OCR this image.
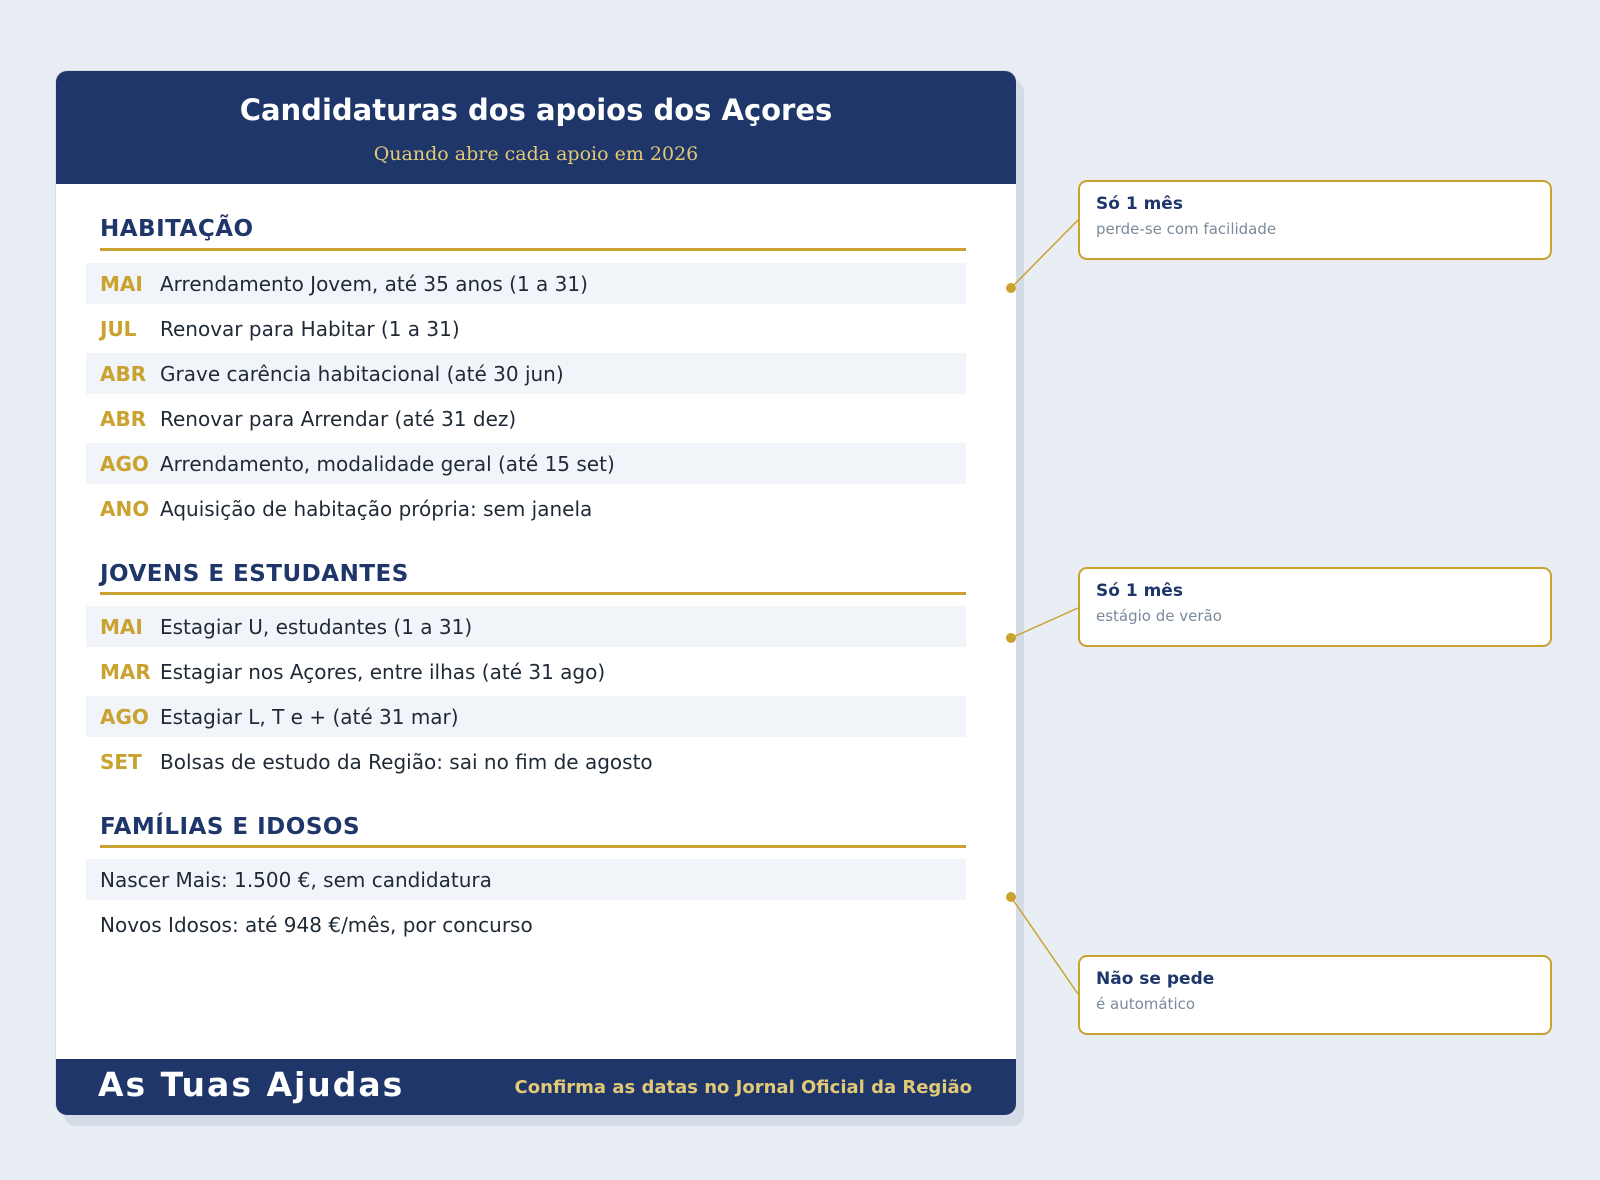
Candidaturas dos apoios dos Açores
Quando abre cada apoio em 2026
HABITAÇÃO
MAI Arrendamento Jovem, até 35 anos (1 a 31)
JUL	Renovar para Habitar (1 a 31)
ABR Grave carência habitacional (até 30 jun)
ABR Renovar para Arrendar (até 31 dez)
AGO Arrendamento, modalidade geral (até 15 set)
ANO Aquisição de habitação própria: sem janela
JOVENS E ESTUDANTES
MAI Estagiar U, estudantes (1 a 31)
MAR Estagiar nos Açores, entre ilhas (até 31 ago)
AGO Estagiar L, T e + (até 31 mar)
SET Bolsas de estudo da Região: sai no fim de agosto
FAMÍLIAS E IDOSOS
Nascer Mais: 1.500 €, sem candidatura
Novos Idosos: até 948 €/mês, por concurso
As Tuas Ajudas	Confirma as datas no Jornal Oficial da Região
Só 1 mês
perde-se com facilidade
Só 1 mês
estágio de verão
Não se pede
é automático
